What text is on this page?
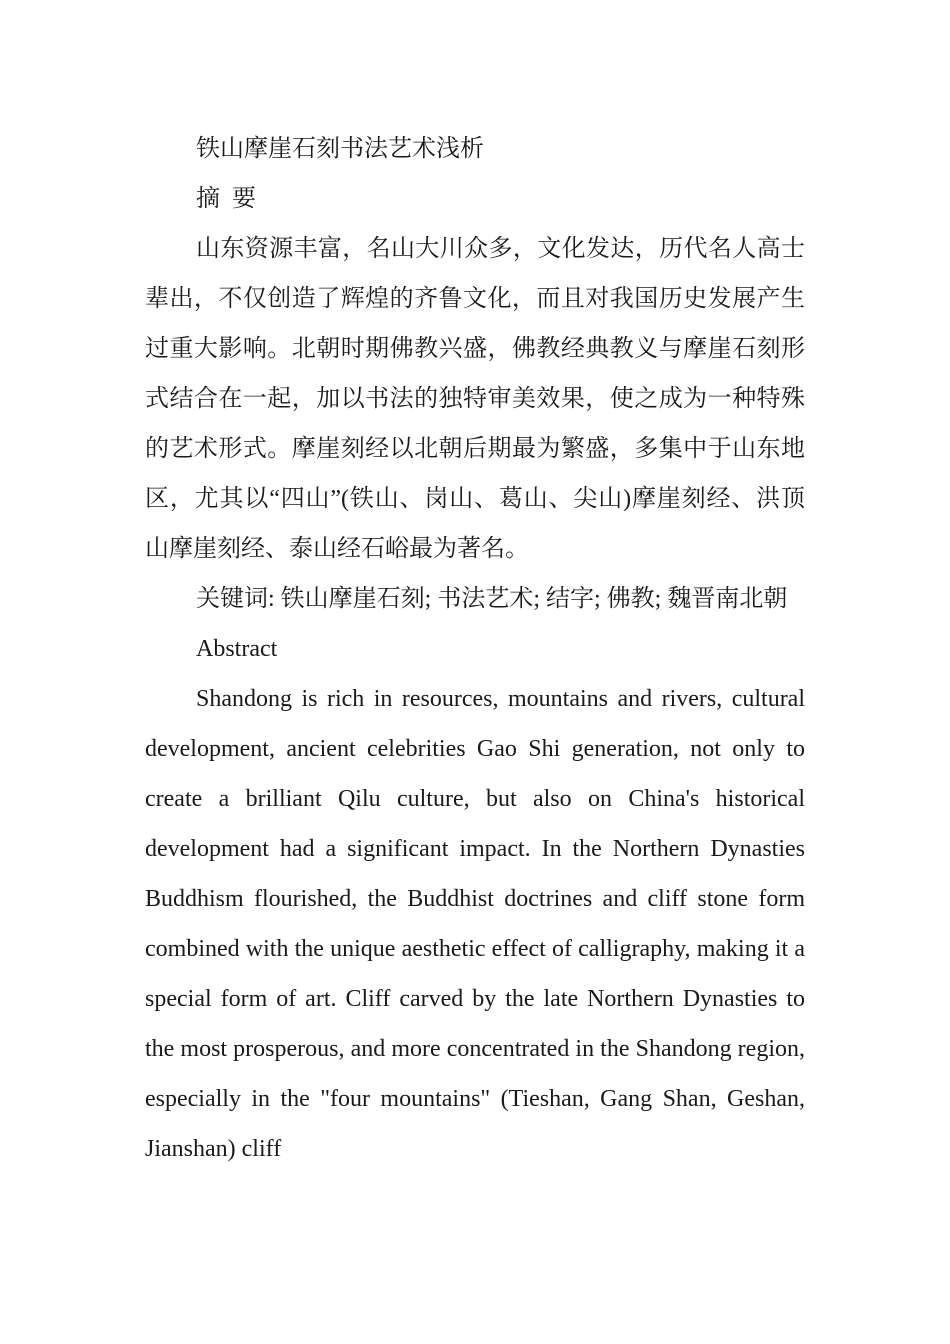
铁山摩崖石刻书法艺术浅析

摘 要

山东资源丰富，名山大川众多，文化发达，历代名人高士辈出，不仅创造了辉煌的齐鲁文化，而且对我国历史发展产生过重大影响。北朝时期佛教兴盛，佛教经典教义与摩崖石刻形式结合在一起，加以书法的独特审美效果，使之成为一种特殊的艺术形式。摩崖刻经以北朝后期最为繁盛，多集中于山东地区，尤其以“四山”(铁山、岗山、葛山、尖山)摩崖刻经、洪顶山摩崖刻经、泰山经石峪最为著名。

关键词: 铁山摩崖石刻; 书法艺术; 结字; 佛教; 魏晋南北朝

Abstract

Shandong is rich in resources, mountains and rivers, cultural development, ancient celebrities Gao Shi generation, not only to create a brilliant Qilu culture, but also on China's historical development had a significant impact. In the Northern Dynasties Buddhism flourished, the Buddhist doctrines and cliff stone form combined with the unique aesthetic effect of calligraphy, making it a special form of art. Cliff carved by the late Northern Dynasties to the most prosperous, and more concentrated in the Shandong region, especially in the "four mountains" (Tieshan, Gang Shan, Geshan, Jianshan) cliff
